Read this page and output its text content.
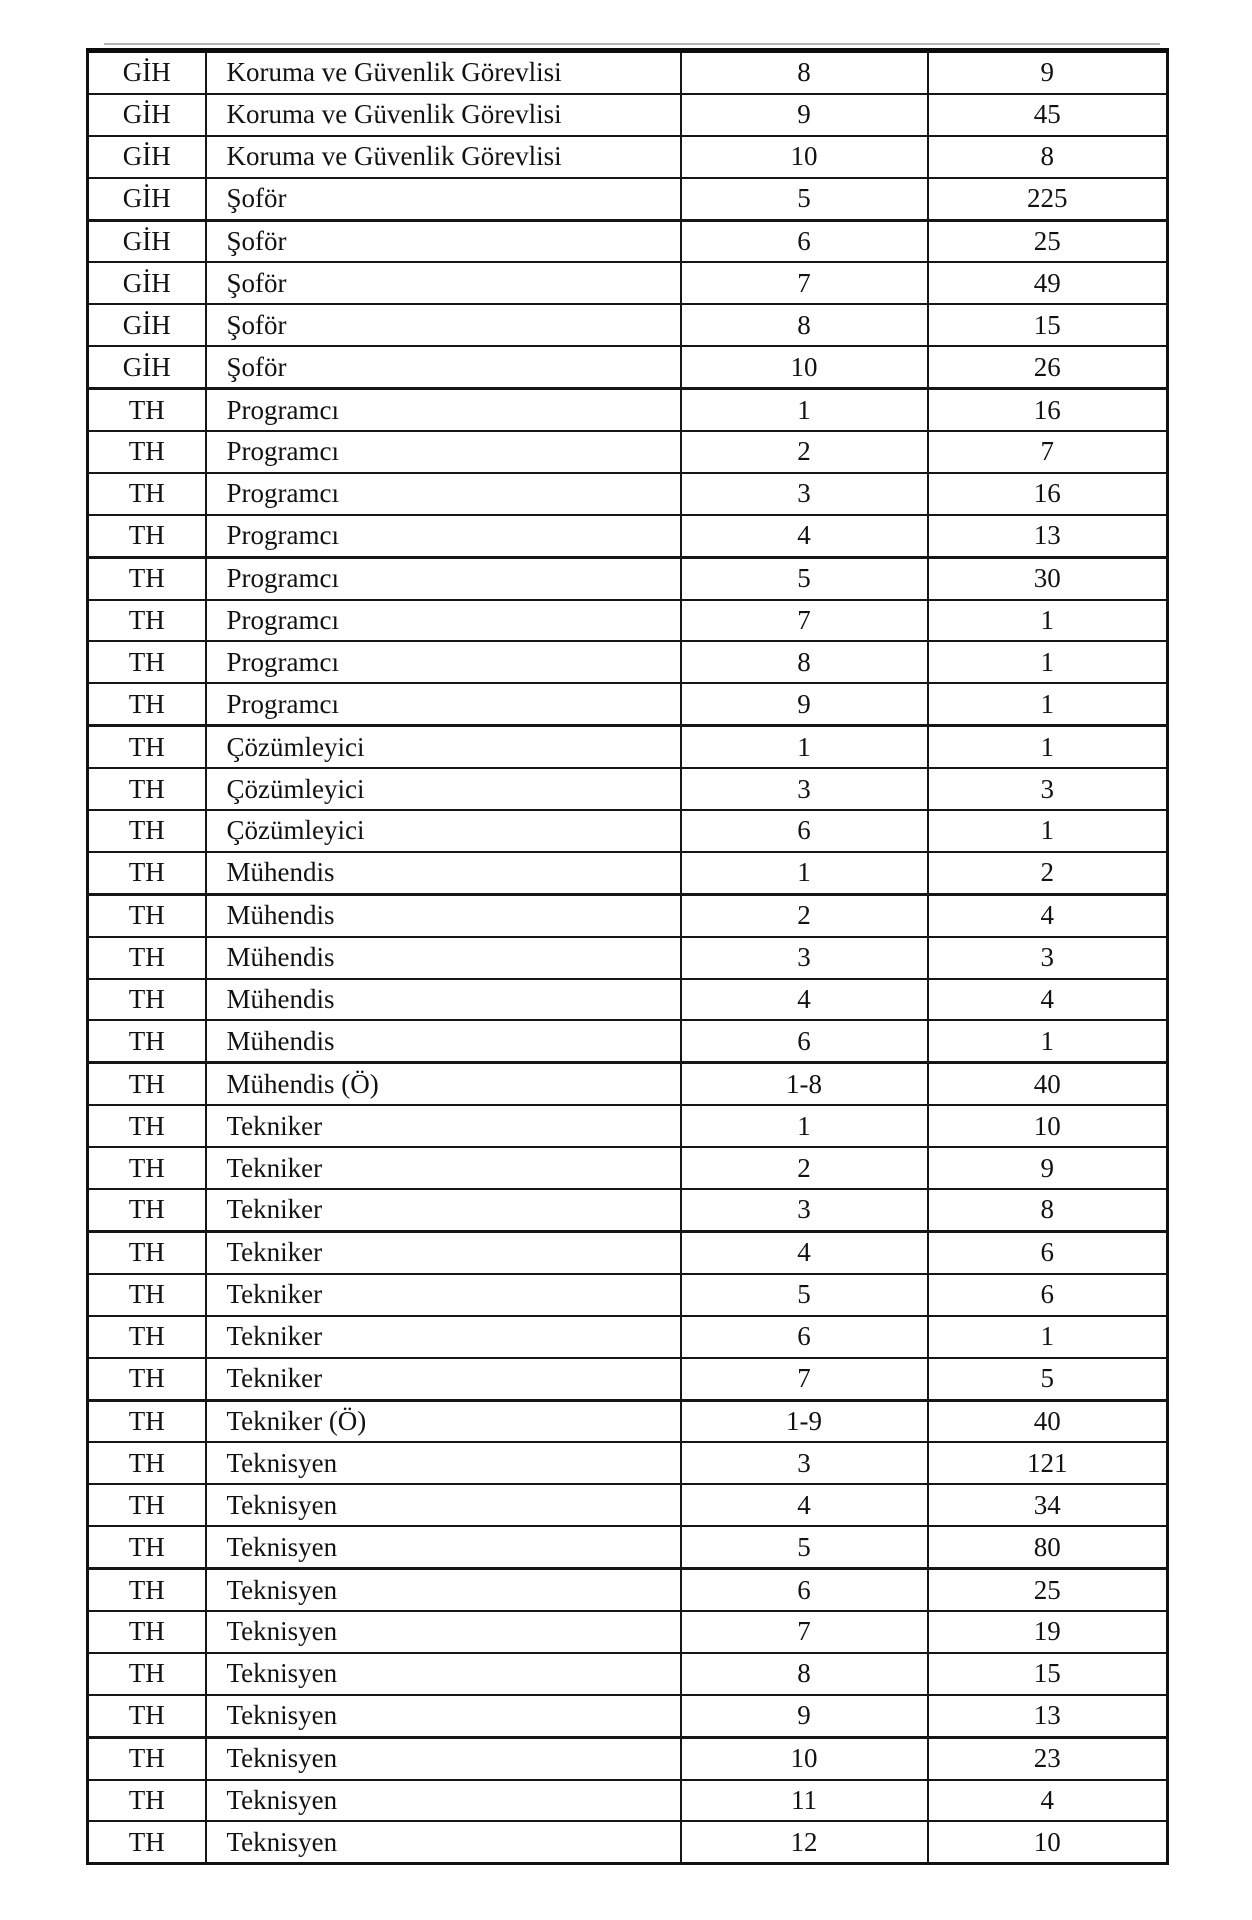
GİH	Koruma ve Güvenlik Görevlisi	8	9
GİH	Koruma ve Güvenlik Görevlisi	9	45
GİH	Koruma ve Güvenlik Görevlisi	10	8
GİH	Şoför	5	225
GİH	Şoför	6	25
GİH	Şoför	7	49
GİH	Şoför	8	15
GİH	Şoför	10	26
TH	Programcı	1	16
TH	Programcı	2	7
TH	Programcı	3	16
TH	Programcı	4	13
TH	Programcı	5	30
TH	Programcı	7	1
TH	Programcı	8	1
TH	Programcı	9	1
TH	Çözümleyici	1	1
TH	Çözümleyici	3	3
TH	Çözümleyici	6	1
TH	Mühendis	1	2
TH	Mühendis	2	4
TH	Mühendis	3	3
TH	Mühendis	4	4
TH	Mühendis	6	1
TH	Mühendis (Ö)	1-8	40
TH	Tekniker	1	10
TH	Tekniker	2	9
TH	Tekniker	3	8
TH	Tekniker	4	6
TH	Tekniker	5	6
TH	Tekniker	6	1
TH	Tekniker	7	5
TH	Tekniker (Ö)	1-9	40
TH	Teknisyen	3	121
TH	Teknisyen	4	34
TH	Teknisyen	5	80
TH	Teknisyen	6	25
TH	Teknisyen	7	19
TH	Teknisyen	8	15
TH	Teknisyen	9	13
TH	Teknisyen	10	23
TH	Teknisyen	11	4
TH	Teknisyen	12	10
